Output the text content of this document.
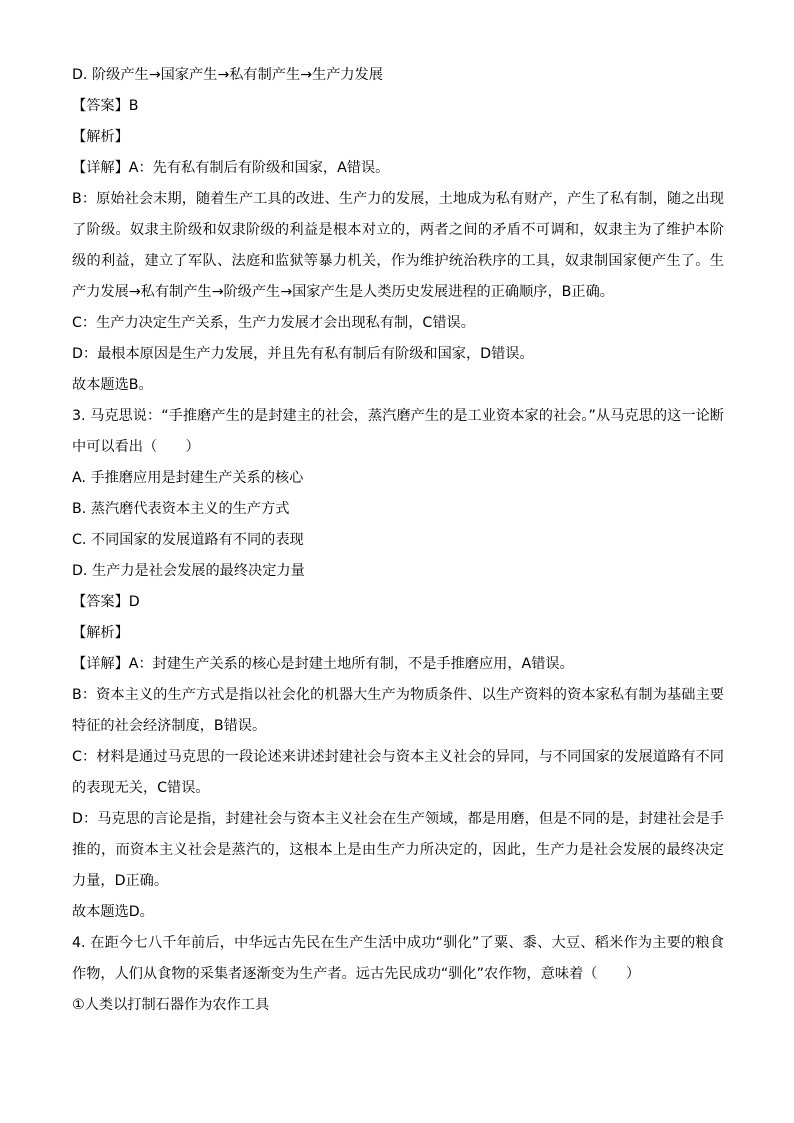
D. 阶级产生→国家产生→私有制产生→生产力发展
【答案】B
【解析】
【详解】A：先有私有制后有阶级和国家，A错误。
B：原始社会末期，随着生产工具的改进、生产力的发展，土地成为私有财产，产生了私有制，随之出现了阶级。奴隶主阶级和奴隶阶级的利益是根本对立的，两者之间的矛盾不可调和，奴隶主为了维护本阶级的利益，建立了军队、法庭和监狱等暴力机关，作为维护统治秩序的工具，奴隶制国家便产生了。生产力发展→私有制产生→阶级产生→国家产生是人类历史发展进程的正确顺序，B正确。
C：生产力决定生产关系，生产力发展才会出现私有制，C错误。
D：最根本原因是生产力发展，并且先有私有制后有阶级和国家，D错误。
故本题选B。
3. 马克思说：“手推磨产生的是封建主的社会，蒸汽磨产生的是工业资本家的社会。”从马克思的这一论断中可以看出（　　）
A. 手推磨应用是封建生产关系的核心
B. 蒸汽磨代表资本主义的生产方式
C. 不同国家的发展道路有不同的表现
D. 生产力是社会发展的最终决定力量
【答案】D
【解析】
【详解】A：封建生产关系的核心是封建土地所有制，不是手推磨应用，A错误。
B：资本主义的生产方式是指以社会化的机器大生产为物质条件、以生产资料的资本家私有制为基础主要特征的社会经济制度，B错误。
C：材料是通过马克思的一段论述来讲述封建社会与资本主义社会的异同，与不同国家的发展道路有不同的表现无关，C错误。
D：马克思的言论是指，封建社会与资本主义社会在生产领域，都是用磨，但是不同的是，封建社会是手推的，而资本主义社会是蒸汽的，这根本上是由生产力所决定的，因此，生产力是社会发展的最终决定力量，D正确。
故本题选D。
4. 在距今七八千年前后，中华远古先民在生产生活中成功“驯化”了粟、黍、大豆、稻米作为主要的粮食作物，人们从食物的采集者逐渐变为生产者。远古先民成功“驯化”农作物，意味着（　　）
①人类以打制石器作为农作工具
